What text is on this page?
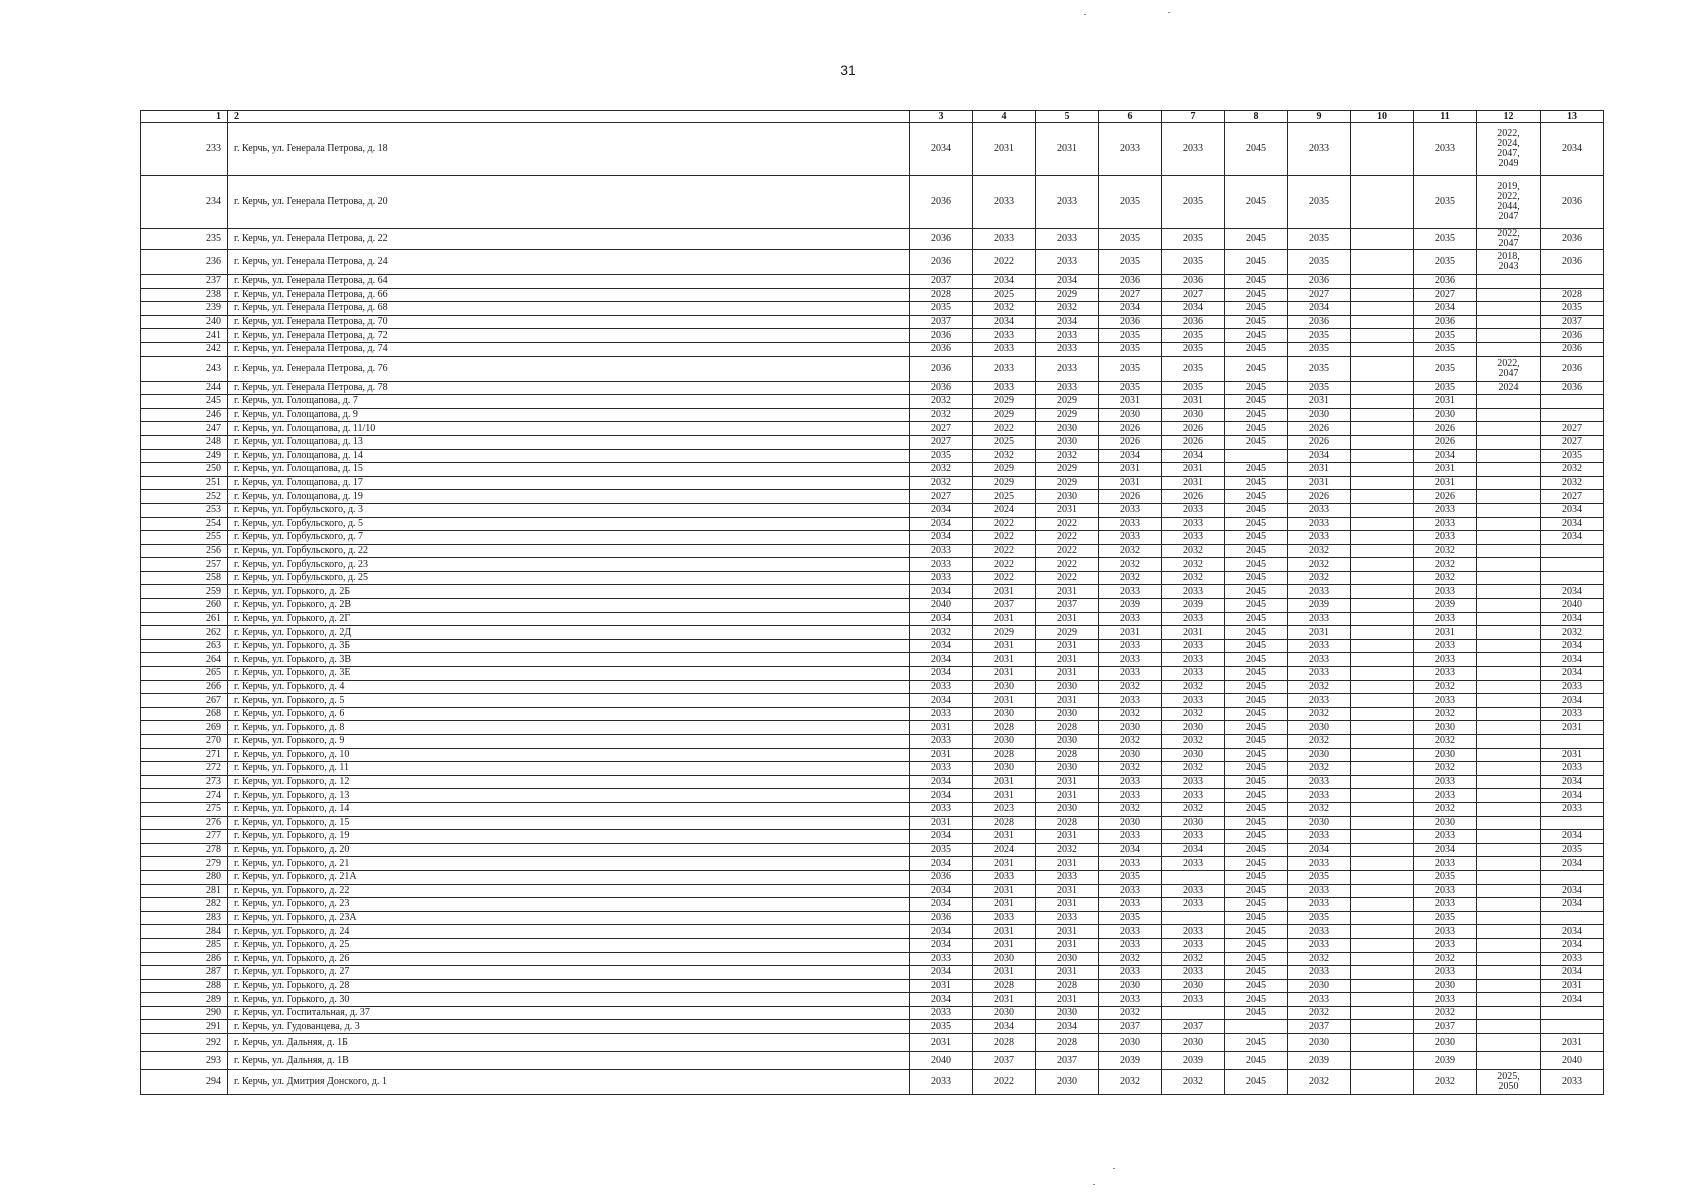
31
1	2	3	4	5	6	7	8	9	10	11	12	13
233	г. Керчь, ул. Генерала Петрова, д. 18	2034	2031	2031	2033	2033	2045	2033		2033	2022,
2024,
2047,
2049	2034
234	г. Керчь, ул. Генерала Петрова, д. 20	2036	2033	2033	2035	2035	2045	2035		2035	2019,
2022,
2044,
2047	2036
235	г. Керчь, ул. Генерала Петрова, д. 22	2036	2033	2033	2035	2035	2045	2035		2035	2022,
2047	2036
236	г. Керчь, ул. Генерала Петрова, д. 24	2036	2022	2033	2035	2035	2045	2035		2035	2018,
2043	2036
237	г. Керчь, ул. Генерала Петрова, д. 64	2037	2034	2034	2036	2036	2045	2036		2036		
238	г. Керчь, ул. Генерала Петрова, д. 66	2028	2025	2029	2027	2027	2045	2027		2027		2028
239	г. Керчь, ул. Генерала Петрова, д. 68	2035	2032	2032	2034	2034	2045	2034		2034		2035
240	г. Керчь, ул. Генерала Петрова, д. 70	2037	2034	2034	2036	2036	2045	2036		2036		2037
241	г. Керчь, ул. Генерала Петрова, д. 72	2036	2033	2033	2035	2035	2045	2035		2035		2036
242	г. Керчь, ул. Генерала Петрова, д. 74	2036	2033	2033	2035	2035	2045	2035		2035		2036
243	г. Керчь, ул. Генерала Петрова, д. 76	2036	2033	2033	2035	2035	2045	2035		2035	2022,
2047	2036
244	г. Керчь, ул. Генерала Петрова, д. 78	2036	2033	2033	2035	2035	2045	2035		2035	2024	2036
245	г. Керчь, ул. Голощапова, д. 7	2032	2029	2029	2031	2031	2045	2031		2031		
246	г. Керчь, ул. Голощапова, д. 9	2032	2029	2029	2030	2030	2045	2030		2030		
247	г. Керчь, ул. Голощапова, д. 11/10	2027	2022	2030	2026	2026	2045	2026		2026		2027
248	г. Керчь, ул. Голощапова, д. 13	2027	2025	2030	2026	2026	2045	2026		2026		2027
249	г. Керчь, ул. Голощапова, д. 14	2035	2032	2032	2034	2034		2034		2034		2035
250	г. Керчь, ул. Голощапова, д. 15	2032	2029	2029	2031	2031	2045	2031		2031		2032
251	г. Керчь, ул. Голощапова, д. 17	2032	2029	2029	2031	2031	2045	2031		2031		2032
252	г. Керчь, ул. Голощапова, д. 19	2027	2025	2030	2026	2026	2045	2026		2026		2027
253	г. Керчь, ул. Горбульского, д. 3	2034	2024	2031	2033	2033	2045	2033		2033		2034
254	г. Керчь, ул. Горбульского, д. 5	2034	2022	2022	2033	2033	2045	2033		2033		2034
255	г. Керчь, ул. Горбульского, д. 7	2034	2022	2022	2033	2033	2045	2033		2033		2034
256	г. Керчь, ул. Горбульского, д. 22	2033	2022	2022	2032	2032	2045	2032		2032		
257	г. Керчь, ул. Горбульского, д. 23	2033	2022	2022	2032	2032	2045	2032		2032		
258	г. Керчь, ул. Горбульского, д. 25	2033	2022	2022	2032	2032	2045	2032		2032		
259	г. Керчь, ул. Горького, д. 2Б	2034	2031	2031	2033	2033	2045	2033		2033		2034
260	г. Керчь, ул. Горького, д. 2В	2040	2037	2037	2039	2039	2045	2039		2039		2040
261	г. Керчь, ул. Горького, д. 2Г	2034	2031	2031	2033	2033	2045	2033		2033		2034
262	г. Керчь, ул. Горького, д. 2Д	2032	2029	2029	2031	2031	2045	2031		2031		2032
263	г. Керчь, ул. Горького, д. 3Б	2034	2031	2031	2033	2033	2045	2033		2033		2034
264	г. Керчь, ул. Горького, д. 3В	2034	2031	2031	2033	2033	2045	2033		2033		2034
265	г. Керчь, ул. Горького, д. 3Е	2034	2031	2031	2033	2033	2045	2033		2033		2034
266	г. Керчь, ул. Горького, д. 4	2033	2030	2030	2032	2032	2045	2032		2032		2033
267	г. Керчь, ул. Горького, д. 5	2034	2031	2031	2033	2033	2045	2033		2033		2034
268	г. Керчь, ул. Горького, д. 6	2033	2030	2030	2032	2032	2045	2032		2032		2033
269	г. Керчь, ул. Горького, д. 8	2031	2028	2028	2030	2030	2045	2030		2030		2031
270	г. Керчь, ул. Горького, д. 9	2033	2030	2030	2032	2032	2045	2032		2032		
271	г. Керчь, ул. Горького, д. 10	2031	2028	2028	2030	2030	2045	2030		2030		2031
272	г. Керчь, ул. Горького, д. 11	2033	2030	2030	2032	2032	2045	2032		2032		2033
273	г. Керчь, ул. Горького, д. 12	2034	2031	2031	2033	2033	2045	2033		2033		2034
274	г. Керчь, ул. Горького, д. 13	2034	2031	2031	2033	2033	2045	2033		2033		2034
275	г. Керчь, ул. Горького, д. 14	2033	2023	2030	2032	2032	2045	2032		2032		2033
276	г. Керчь, ул. Горького, д. 15	2031	2028	2028	2030	2030	2045	2030		2030		
277	г. Керчь, ул. Горького, д. 19	2034	2031	2031	2033	2033	2045	2033		2033		2034
278	г. Керчь, ул. Горького, д. 20	2035	2024	2032	2034	2034	2045	2034		2034		2035
279	г. Керчь, ул. Горького, д. 21	2034	2031	2031	2033	2033	2045	2033		2033		2034
280	г. Керчь, ул. Горького, д. 21А	2036	2033	2033	2035		2045	2035		2035		
281	г. Керчь, ул. Горького, д. 22	2034	2031	2031	2033	2033	2045	2033		2033		2034
282	г. Керчь, ул. Горького, д. 23	2034	2031	2031	2033	2033	2045	2033		2033		2034
283	г. Керчь, ул. Горького, д. 23А	2036	2033	2033	2035		2045	2035		2035		
284	г. Керчь, ул. Горького, д. 24	2034	2031	2031	2033	2033	2045	2033		2033		2034
285	г. Керчь, ул. Горького, д. 25	2034	2031	2031	2033	2033	2045	2033		2033		2034
286	г. Керчь, ул. Горького, д. 26	2033	2030	2030	2032	2032	2045	2032		2032		2033
287	г. Керчь, ул. Горького, д. 27	2034	2031	2031	2033	2033	2045	2033		2033		2034
288	г. Керчь, ул. Горького, д. 28	2031	2028	2028	2030	2030	2045	2030		2030		2031
289	г. Керчь, ул. Горького, д. 30	2034	2031	2031	2033	2033	2045	2033		2033		2034
290	г. Керчь, ул. Госпитальная, д. 37	2033	2030	2030	2032		2045	2032		2032		
291	г. Керчь, ул. Гудованцева, д. 3	2035	2034	2034	2037	2037		2037		2037		
292	г. Керчь, ул. Дальняя, д. 1Б	2031	2028	2028	2030	2030	2045	2030		2030		2031
293	г. Керчь, ул. Дальняя, д. 1В	2040	2037	2037	2039	2039	2045	2039		2039		2040
294	г. Керчь, ул. Дмитрия Донского, д. 1	2033	2022	2030	2032	2032	2045	2032		2032	2025,
2050	2033
